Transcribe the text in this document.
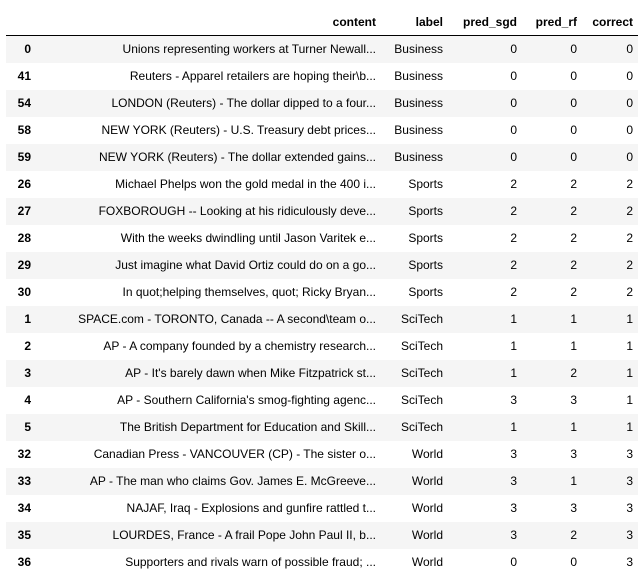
	content	label	pred_sgd	pred_rf	correct
0	Unions representing workers at Turner Newall...	Business	0	0	0
41	Reuters - Apparel retailers are hoping their\b...	Business	0	0	0
54	LONDON (Reuters) - The dollar dipped to a four...	Business	0	0	0
58	NEW YORK (Reuters) - U.S. Treasury debt prices...	Business	0	0	0
59	NEW YORK (Reuters) - The dollar extended gains...	Business	0	0	0
26	Michael Phelps won the gold medal in the 400 i...	Sports	2	2	2
27	FOXBOROUGH -- Looking at his ridiculously deve...	Sports	2	2	2
28	With the weeks dwindling until Jason Varitek e...	Sports	2	2	2
29	Just imagine what David Ortiz could do on a go...	Sports	2	2	2
30	In quot;helping themselves, quot; Ricky Bryan...	Sports	2	2	2
1	SPACE.com - TORONTO, Canada -- A second\team o...	SciTech	1	1	1
2	AP - A company founded by a chemistry research...	SciTech	1	1	1
3	AP - It's barely dawn when Mike Fitzpatrick st...	SciTech	1	2	1
4	AP - Southern California's smog-fighting agenc...	SciTech	3	3	1
5	The British Department for Education and Skill...	SciTech	1	1	1
32	Canadian Press - VANCOUVER (CP) - The sister o...	World	3	3	3
33	AP - The man who claims Gov. James E. McGreeve...	World	3	1	3
34	NAJAF, Iraq - Explosions and gunfire rattled t...	World	3	3	3
35	LOURDES, France - A frail Pope John Paul II, b...	World	3	2	3
36	Supporters and rivals warn of possible fraud; ...	World	0	0	3
